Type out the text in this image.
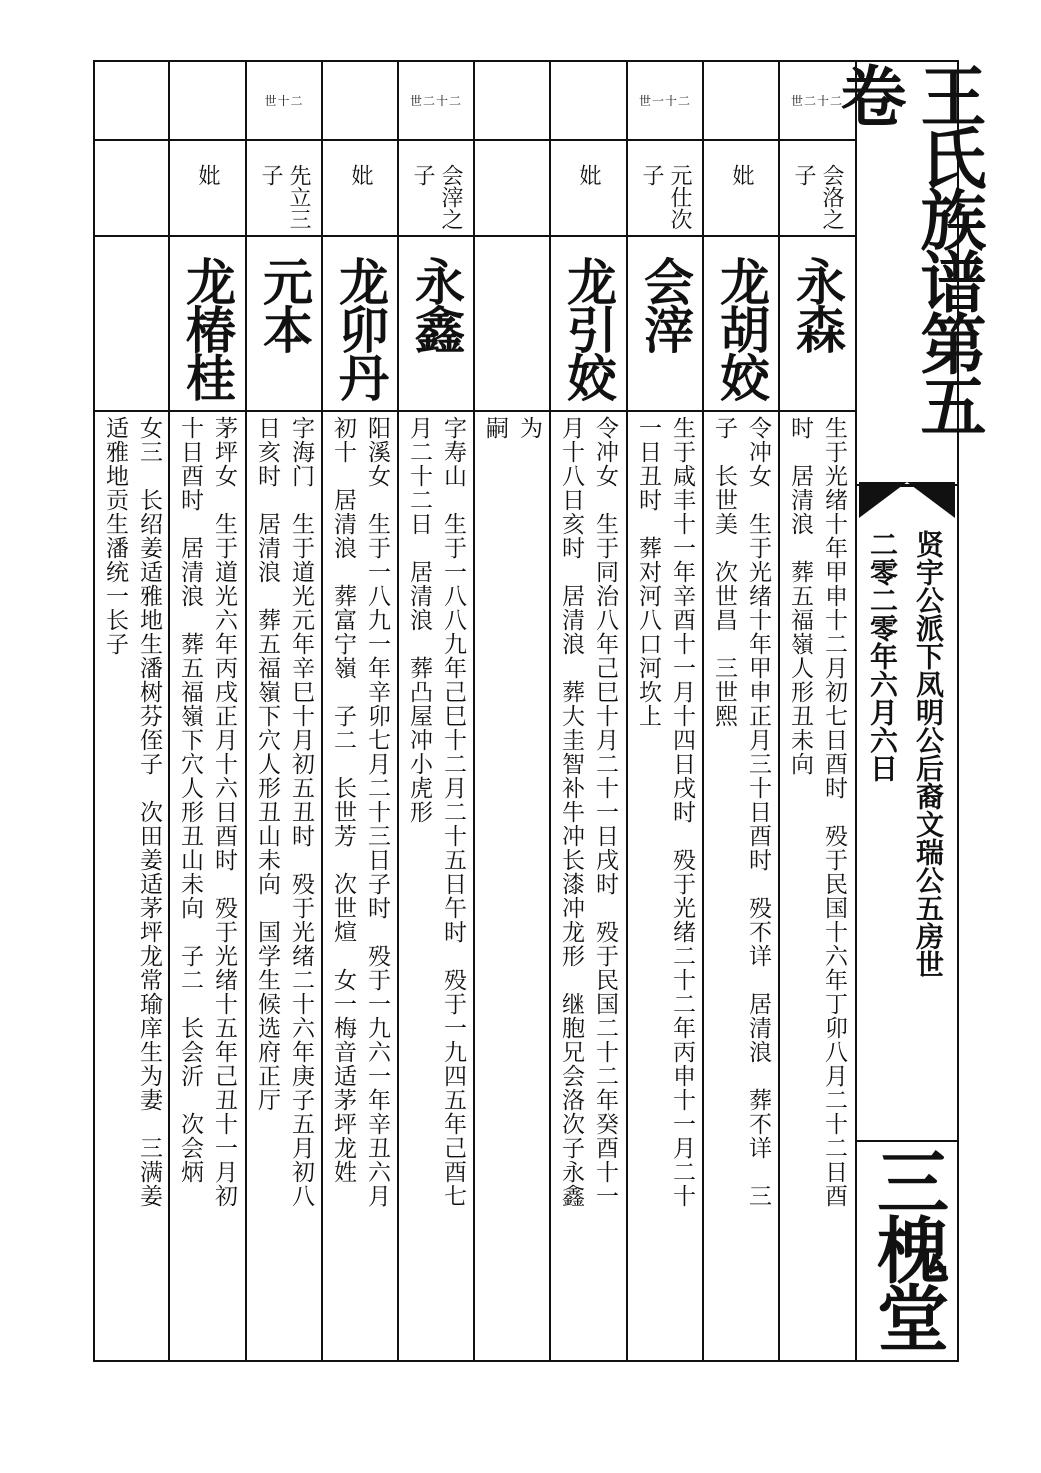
世二十二
会洛之子
永森
生于光绪十年甲申十二月初七日酉时　殁于民国十六年丁卯八月二十二日酉
时　居清浪　葬五福嶺人形丑未向
妣
龙胡姣
令冲女　生于光绪十年甲申正月三十日酉时　殁不详　居清浪　葬不详　三
子　长世美　次世昌　三世熙
世一十二
元仕次子
会滓
生于咸丰十一年辛酉十一月十四日戌时　殁于光绪二十二年丙申十一月二十
一日丑时　葬对河八口河坎上
妣
龙引姣
令冲女　生于同治八年己巳十月二十一日戌时　殁于民国二十二年癸酉十一
月十八日亥时　居清浪　葬大圭智补牛冲长漆冲龙形　继胞兄会洛次子永鑫
为
嗣
世二十二
会滓之子
永鑫
字寿山　生于一八八九年己巳十二月二十五日午时　殁于一九四五年己酉七
月二十二日　居清浪　葬凸屋冲小虎形
妣
龙卯丹
阳溪女　生于一八九一年辛卯七月二十三日子时　殁于一九六一年辛丑六月
初十　居清浪　葬富宁嶺　子二　长世芳　次世煊　女一梅音适茅坪龙姓
世十二
先立三子
元本
字海门　生于道光元年辛巳十月初五丑时　殁于光绪二十六年庚子五月初八
日亥时　居清浪　葬五福嶺下穴人形丑山未向　国学生候选府正厅
妣
龙椿桂
茅坪女　生于道光六年丙戌正月十六日酉时　殁于光绪十五年己丑十一月初
十日酉时　居清浪　葬五福嶺下穴人形丑山未向　子二　长会沂　次会炳
女三　长绍姜适雅地生潘树芬侄子　次田姜适茅坪龙常瑜庠生为妻　三满姜
适雅地贡生潘统一长子
王氏族谱第五卷
贤宇公派下凤明公后裔文瑞公五房世
二零二零年六月六日
三槐堂
